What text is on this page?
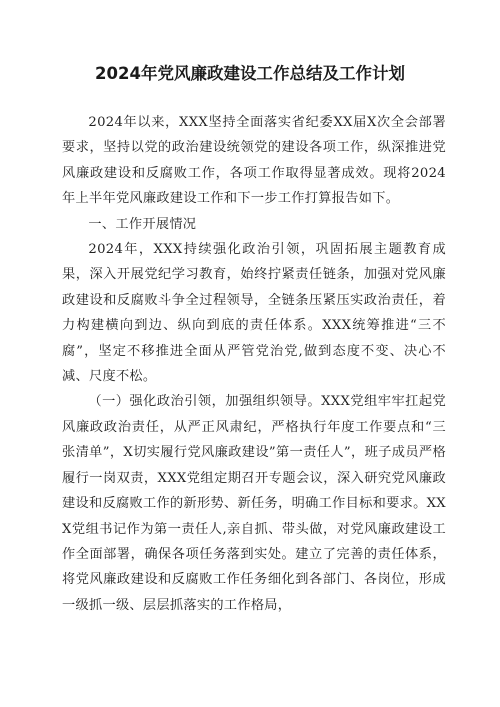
2024年党风廉政建设工作总结及工作计划

2024年以来，XXX坚持全面落实省纪委XX届X次全会部署要求，坚持以党的政治建设统领党的建设各项工作，纵深推进党风廉政建设和反腐败工作，各项工作取得显著成效。现将2024年上半年党风廉政建设工作和下一步工作打算报告如下。

一、工作开展情况

2024年，XXX持续强化政治引领，巩固拓展主题教育成果，深入开展党纪学习教育，始终拧紧责任链条，加强对党风廉政建设和反腐败斗争全过程领导，全链条压紧压实政治责任，着力构建横向到边、纵向到底的责任体系。XXX统筹推进“三不腐”，坚定不移推进全面从严管党治党,做到态度不变、决心不减、尺度不松。

（一）强化政治引领，加强组织领导。XXX党组牢牢扛起党风廉政政治责任，从严正风肃纪，严格执行年度工作要点和“三张清单”，X切实履行党风廉政建设”第一责任人”，班子成员严格履行一岗双责，XXX党组定期召开专题会议，深入研究党风廉政建设和反腐败工作的新形势、新任务，明确工作目标和要求。XXX党组书记作为第一责任人,亲自抓、带头做，对党风廉政建设工作全面部署，确保各项任务落到实处。建立了完善的责任体系，将党风廉政建设和反腐败工作任务细化到各部门、各岗位，形成一级抓一级、层层抓落实的工作格局，
